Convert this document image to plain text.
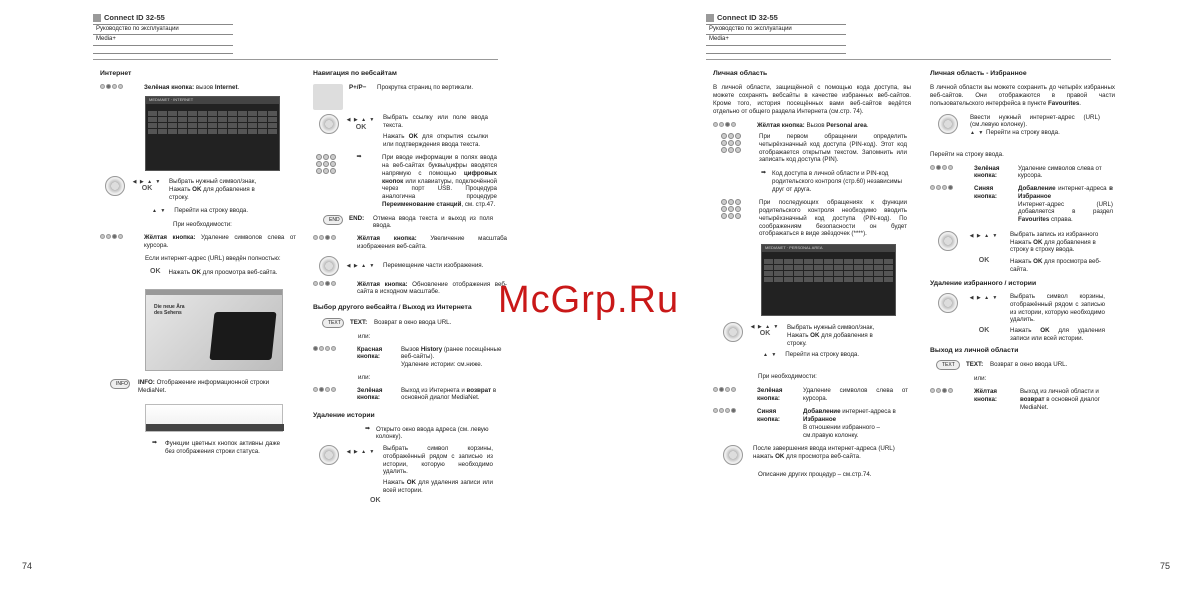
Connect ID 32-55
Руководство по эксплуатации
Media+
Connect ID 32-55
Руководство по эксплуатации
Media+
Интернет
Зелёная кнопка: вызов Internet.
MEDIANET · INTERNET
◀ ▶ ▲ ▼
OK
Выбрать нужный символ/знак,
Нажать OK для добавления в строку.
▲ ▼ Перейти на строку ввода.
При необходимости:
Жёлтая кнопка: Удаление символов слева от курсора.
Если интернет-адрес (URL) введён полностью:
OK Нажать OK для просмотра веб-сайта.
Die neue Ära
des Sehens
INFO	INFO: Отображение информационной строки MediaNet.
➡ Функции цветных кнопок активны даже без отображения строки статуса.
Навигация по вебсайтам
P+/P−	Прокрутка страниц по вертикали.
◀ ▶ ▲ ▼
OK
Выбрать ссылку или поле ввода текста.
Нажать OK для открытия ссылки или подтверждения ввода текста.
➡	При вводе информации в полях ввода на веб-сайтах буквы/цифры вводятся напрямую с помощью цифровых кнопок или клавиатуры, подключённой через порт USB. Процедура аналогична процедуре Переименование станций, см. стр.47.
END	END:	Отмена ввода текста и выход из поля ввода.
Жёлтая кнопка: Увеличение масштаба изображения веб-сайта.
◀ ▶ ▲ ▼ Перемещение части изображения.
Жёлтая кнопка: Обновление отображения веб-сайта в исходном масштабе.
Выбор другого вебсайта / Выход из Интернета
TEXT	TEXT: Возврат в окно ввода URL.
или:
Красная кнопка:
Вызов History (ранее посещённые веб-сайты).
Удаление истории: см.ниже.
или:
Зелёная кнопка:
Выход из Интернета и возврат в основной диалог MediaNet.
Удаление истории
➡ Открыто окно ввода адреса (см. левую колонку).
◀ ▶ ▲ ▼ Выбрать символ корзины, отображённый рядом с записью из истории, которую необходимо удалить.
Нажать OK для удаления записи или всей истории.
OK
McGrp.Ru
Личная область
В личной области, защищённой с помощью кода доступа, вы можете сохранять вебсайты в качестве избранных веб-сайтов. Кроме того, история посещённых вами веб-сайтов ведётся отдельно от общего раздела Интернета (см.стр. 74).
Жёлтая кнопка: Вызов Personal area.
При первом обращении определить четырёхзначный код доступа (PIN-код). Этот код отображается открытым текстом. Запомнить или записать код доступа (PIN).
➡ Код доступа в личной области и PIN-код родительского контроля (стр.60) независимы друг от друга.
При последующих обращениях к функции родительского контроля необходимо вводить четырёхзначный код доступа (PIN-код). По соображениям безопасности он будет отображаться в виде звёздочек (****).
MEDIANET · PERSONAL AREA
◀ ▶ ▲ ▼
OK
Выбрать нужный символ/знак,
Нажать OK для добавления в строку.
▲ ▼ Перейти на строку ввода.
При необходимости:
Зелёная кнопка:
Удаление символов слева от курсора.
Синяя кнопка:
Добавление интернет-адреса в Избранное
В отношении избранного – см.правую колонку.
После завершения ввода интернет-адреса (URL) нажать OK для просмотра веб-сайта.
Описание других процедур – см.стр.74.
Личная область - Избранное
В личной области вы можете сохранить до четырёх избранных веб-сайтов. Они отображаются в правой части пользовательского интерфейса в пункте Favourites.
Ввести нужный интернет-адрес (URL) (см.левую колонку).
▲ ▼ Перейти на строку ввода.
Перейти на строку ввода.
Зелёная кнопка:
Удаление символов слева от курсора.
Синяя кнопка:
Добавление интернет-адреса в Избранное
Интернет-адрес (URL) добавляется в раздел Favourites справа.
◀ ▶ ▲ ▼
OK
Выбрать запись из избранного
Нажать OK для добавления в строку в строку ввода.
Нажать OK для просмотра веб-сайта.
Удаление избранного / истории
◀ ▶ ▲ ▼
OK
Выбрать символ корзины, отображённый рядом с записью из истории, которую необходимо удалить.
Нажать OK для удаления записи или всей истории.
Выход из личной области
TEXT	TEXT: Возврат в окно ввода URL.
или:
Жёлтая кнопка:
Выход из личной области и возврат в основной диалог MediaNet.
74	75
